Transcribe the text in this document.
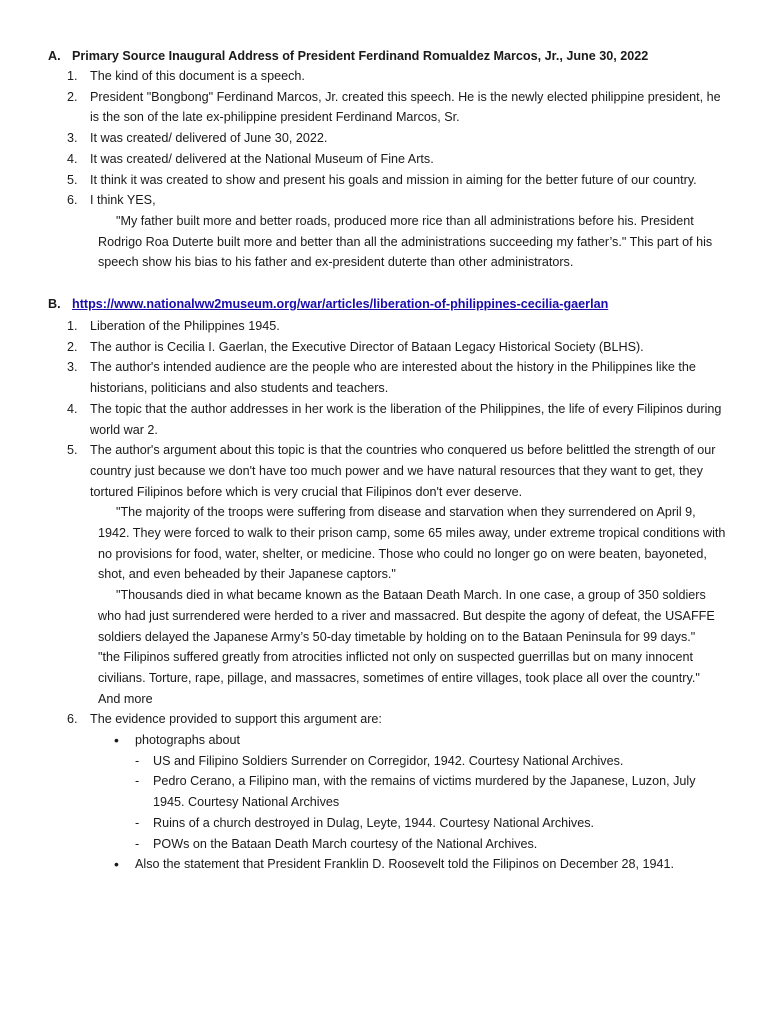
A. Primary Source Inaugural Address of President Ferdinand Romualdez Marcos, Jr., June 30, 2022
1. The kind of this document is a speech.
2. President "Bongbong" Ferdinand Marcos, Jr. created this speech. He is the newly elected philippine president, he is the son of the late ex-philippine president Ferdinand Marcos, Sr.
3. It was created/ delivered of June 30, 2022.
4. It was created/ delivered at the National Museum of Fine Arts.
5. It think it was created to show and present his goals and mission in aiming for the better future of our country.
6. I think YES,
"My father built more and better roads, produced more rice than all administrations before his. President Rodrigo Roa Duterte built more and better than all the administrations succeeding my father’s." This part of his speech show his bias to his father and ex-president duterte than other administrators.
B. https://www.nationalww2museum.org/war/articles/liberation-of-philippines-cecilia-gaerlan
1. Liberation of the Philippines 1945.
2. The author is Cecilia I. Gaerlan, the Executive Director of Bataan Legacy Historical Society (BLHS).
3. The author's intended audience are the people who are interested about the history in the Philippines like the historians, politicians and also students and teachers.
4. The topic that the author addresses in her work is the liberation of the Philippines, the life of every Filipinos during world war 2.
5. The author's argument about this topic is that the countries who conquered us before belittled the strength of our country just because we don't have too much power and we have natural resources that they want to get, they tortured Filipinos before which is very crucial that Filipinos don't ever deserve.
"The majority of the troops were suffering from disease and starvation when they surrendered on April 9, 1942. They were forced to walk to their prison camp, some 65 miles away, under extreme tropical conditions with no provisions for food, water, shelter, or medicine. Those who could no longer go on were beaten, bayoneted, shot, and even beheaded by their Japanese captors."
"Thousands died in what became known as the Bataan Death March. In one case, a group of 350 soldiers who had just surrendered were herded to a river and massacred. But despite the agony of defeat, the USAFFE soldiers delayed the Japanese Army’s 50-day timetable by holding on to the Bataan Peninsula for 99 days."
"the Filipinos suffered greatly from atrocities inflicted not only on suspected guerrillas but on many innocent civilians. Torture, rape, pillage, and massacres, sometimes of entire villages, took place all over the country."
And more
6. The evidence provided to support this argument are:
• photographs about
- US and Filipino Soldiers Surrender on Corregidor, 1942. Courtesy National Archives.
- Pedro Cerano, a Filipino man, with the remains of victims murdered by the Japanese, Luzon, July 1945. Courtesy National Archives
- Ruins of a church destroyed in Dulag, Leyte, 1944. Courtesy National Archives.
- POWs on the Bataan Death March courtesy of the National Archives.
• Also the statement that President Franklin D. Roosevelt told the Filipinos on December 28, 1941.
